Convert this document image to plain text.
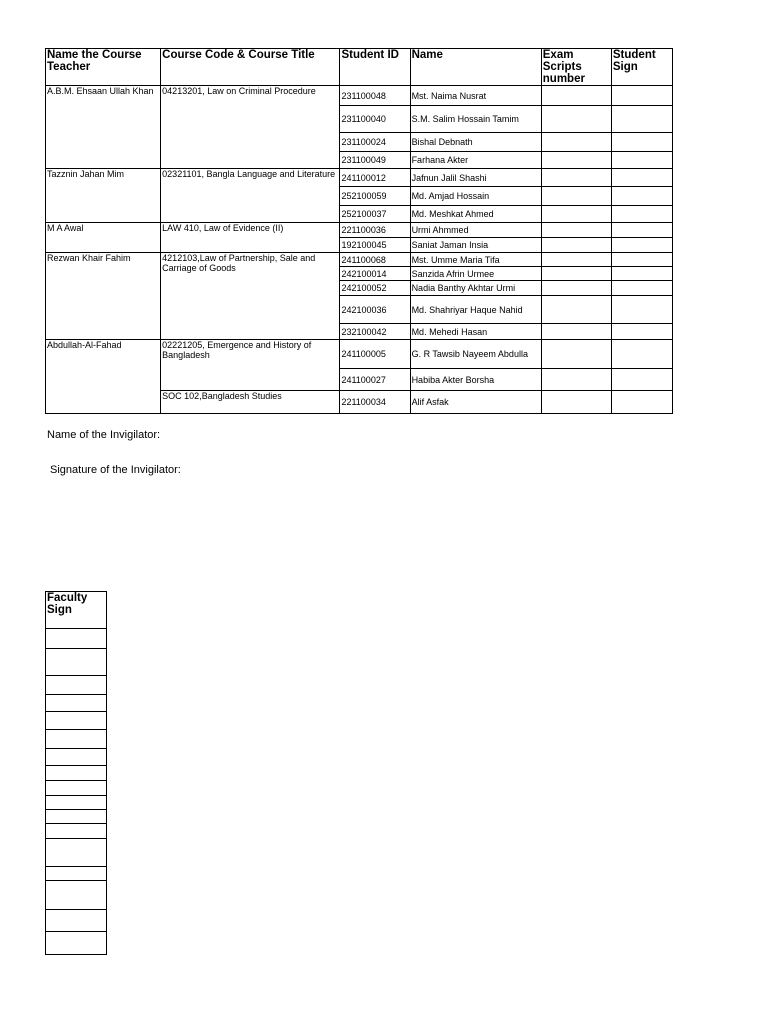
Name the Course Teacher	Course Code & Course Title	Student ID	Name	Exam Scripts number	Student Sign
A.B.M. Ehsaan Ullah Khan	04213201, Law on Criminal Procedure	231100048	Mst. Naima Nusrat		
		231100040	S.M. Salim Hossain Tamim		
		231100024	Bishal Debnath		
		231100049	Farhana Akter		
Tazznin Jahan Mim	02321101, Bangla Language and Literature	241100012	Jafnun Jalil Shashi		
		252100059	Md. Amjad Hossain		
		252100037	Md. Meshkat Ahmed		
M A Awal	LAW 410, Law of Evidence (II)	221100036	Urmi Ahmmed		
		192100045	Saniat Jaman Insia		
Rezwan Khair Fahim	4212103,Law of Partnership, Sale and Carriage of Goods	241100068	Mst. Umme Maria Tifa		
		242100014	Sanzida Afrin Urmee		
		242100052	Nadia Banthy Akhtar Urmi		
		242100036	Md. Shahriyar Haque Nahid		
		232100042	Md. Mehedi Hasan		
Abdullah-Al-Fahad	02221205, Emergence and History of Bangladesh	241100005	G. R Tawsib Nayeem Abdulla		
		241100027	Habiba Akter Borsha		
	SOC 102,Bangladesh Studies	221100034	Alif Asfak		
Name of the Invigilator:
Signature of the Invigilator:
Faculty Sign
